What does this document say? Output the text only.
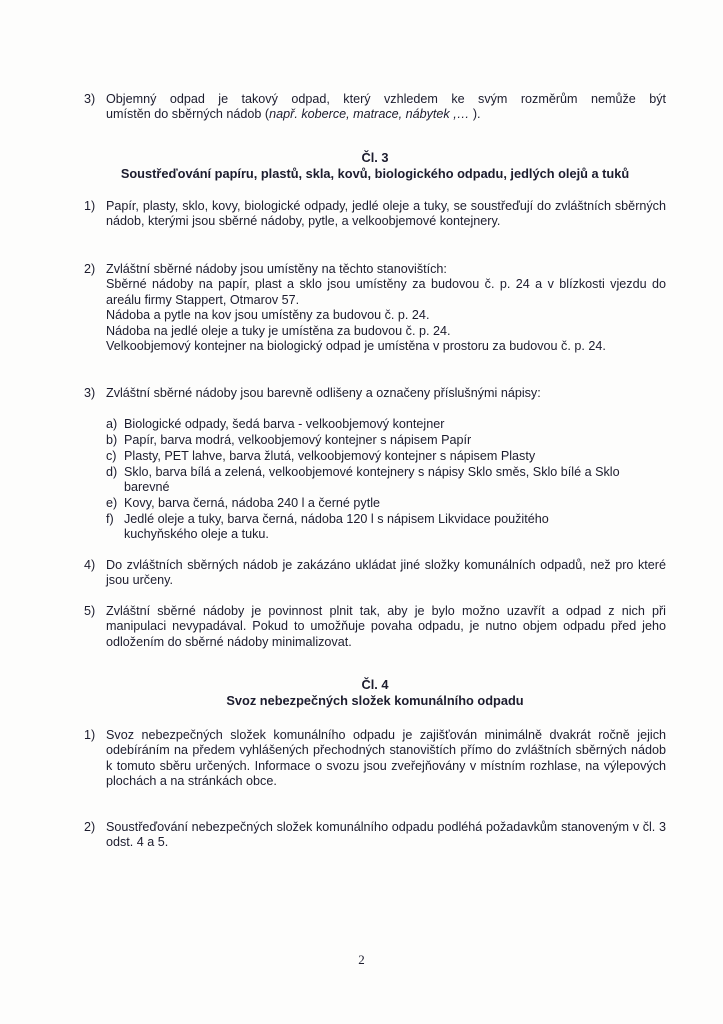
3) Objemný odpad je takový odpad, který vzhledem ke svým rozměrům nemůže být
umístěn do sběrných nádob (např. koberce, matrace, nábytek ,… ).
Čl. 3
Soustřeďování papíru, plastů, skla, kovů, biologického odpadu, jedlých olejů a tuků
1) Papír, plasty, sklo, kovy, biologické odpady, jedlé oleje a tuky, se soustřeďují do zvláštních sběrných nádob, kterými jsou sběrné nádoby, pytle, a velkoobjemové kontejnery.
2) Zvláštní sběrné nádoby jsou umístěny na těchto stanovištích:
Sběrné nádoby na papír, plast a sklo jsou umístěny za budovou č. p. 24 a v blízkosti vjezdu do areálu firmy Stappert, Otmarov 57.
Nádoba a pytle na kov jsou umístěny za budovou č. p. 24.
Nádoba na jedlé oleje a tuky je umístěna za budovou č. p. 24.
Velkoobjemový kontejner na biologický odpad je umístěna v prostoru za budovou č. p. 24.
3) Zvláštní sběrné nádoby jsou barevně odlišeny a označeny příslušnými nápisy:
a) Biologické odpady, šedá barva - velkoobjemový kontejner
b) Papír, barva modrá, velkoobjemový kontejner s nápisem Papír
c) Plasty, PET lahve, barva žlutá, velkoobjemový kontejner s nápisem Plasty
d) Sklo, barva bílá a zelená, velkoobjemové kontejnery s nápisy Sklo směs, Sklo bílé a Sklo barevné
e) Kovy, barva černá, nádoba 240 l a černé pytle
f) Jedlé oleje a tuky, barva černá, nádoba 120 l s nápisem Likvidace použitého kuchyňského oleje a tuku.
4) Do zvláštních sběrných nádob je zakázáno ukládat jiné složky komunálních odpadů, než pro které jsou určeny.
5) Zvláštní sběrné nádoby je povinnost plnit tak, aby je bylo možno uzavřít a odpad z nich při manipulaci nevypadával. Pokud to umožňuje povaha odpadu, je nutno objem odpadu před jeho odložením do sběrné nádoby minimalizovat.
Čl. 4
Svoz nebezpečných složek komunálního odpadu
1) Svoz nebezpečných složek komunálního odpadu je zajišťován minimálně dvakrát ročně jejich odebíráním na předem vyhlášených přechodných stanovištích přímo do zvláštních sběrných nádob k tomuto sběru určených. Informace o svozu jsou zveřejňovány v místním rozhlase, na výlepových plochách a na stránkách obce.
2) Soustřeďování nebezpečných složek komunálního odpadu podléhá požadavkům stanoveným v čl. 3 odst. 4 a 5.
2
